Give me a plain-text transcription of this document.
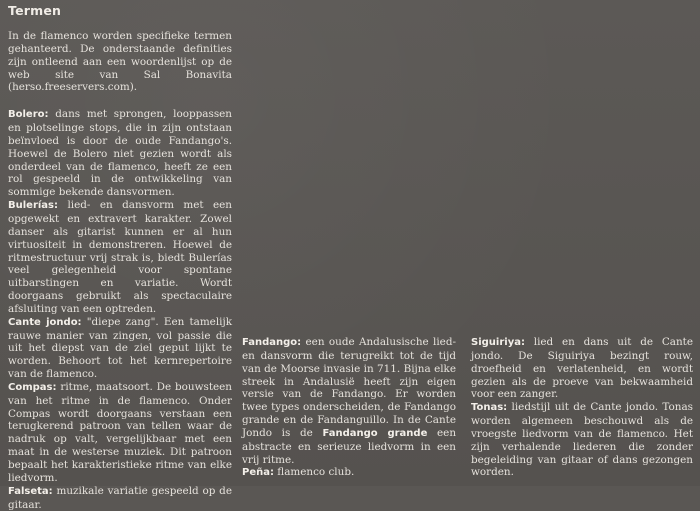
Termen

In de flamenco worden specifieke termen gehanteerd. De onderstaande definities zijn ontleend aan een woordenlijst op de web site van Sal Bonavita (herso.freeservers.com).

Bolero: dans met sprongen, looppassen en plotselinge stops, die in zijn ontstaan beïnvloed is door de oude Fandango's. Hoewel de Bolero niet gezien wordt als onderdeel van de flamenco, heeft ze een rol gespeeld in de ontwikkeling van sommige bekende dansvormen.

Bulerías: lied- en dansvorm met een opgewekt en extravert karakter. Zowel danser als gitarist kunnen er al hun virtuositeit in demonstreren. Hoewel de ritmestructuur vrij strak is, biedt Bulerías veel gelegenheid voor spontane uitbarstingen en variatie. Wordt doorgaans gebruikt als spectaculaire afsluiting van een optreden.

Cante jondo: "diepe zang". Een tamelijk rauwe manier van zingen, vol passie die uit het diepst van de ziel geput lijkt te worden. Behoort tot het kernrepertoire van de flamenco.

Compas: ritme, maatsoort. De bouwsteen van het ritme in de flamenco. Onder Compas wordt doorgaans verstaan een terugkerend patroon van tellen waar de nadruk op valt, vergelijkbaar met een maat in de westerse muziek. Dit patroon bepaalt het karakteristieke ritme van elke liedvorm.

Falseta: muzikale variatie gespeeld op de gitaar.

Fandango: een oude Andalusische lied- en dansvorm die terugreikt tot de tijd van de Moorse invasie in 711. Bijna elke streek in Andalusië heeft zijn eigen versie van de Fandango. Er worden twee types onderscheiden, de Fandango grande en de Fandanguillo. In de Cante Jondo is de Fandango grande een abstracte en serieuze liedvorm in een vrij ritme.

Peña: flamenco club.

Siguiriya: lied en dans uit de Cante jondo. De Siguiriya bezingt rouw, droefheid en verlatenheid, en wordt gezien als de proeve van bekwaamheid voor een zanger.

Tonas: liedstijl uit de Cante jondo. Tonas worden algemeen beschouwd als de vroegste liedvorm van de flamenco. Het zijn verhalende liederen die zonder begeleiding van gitaar of dans gezongen worden.
